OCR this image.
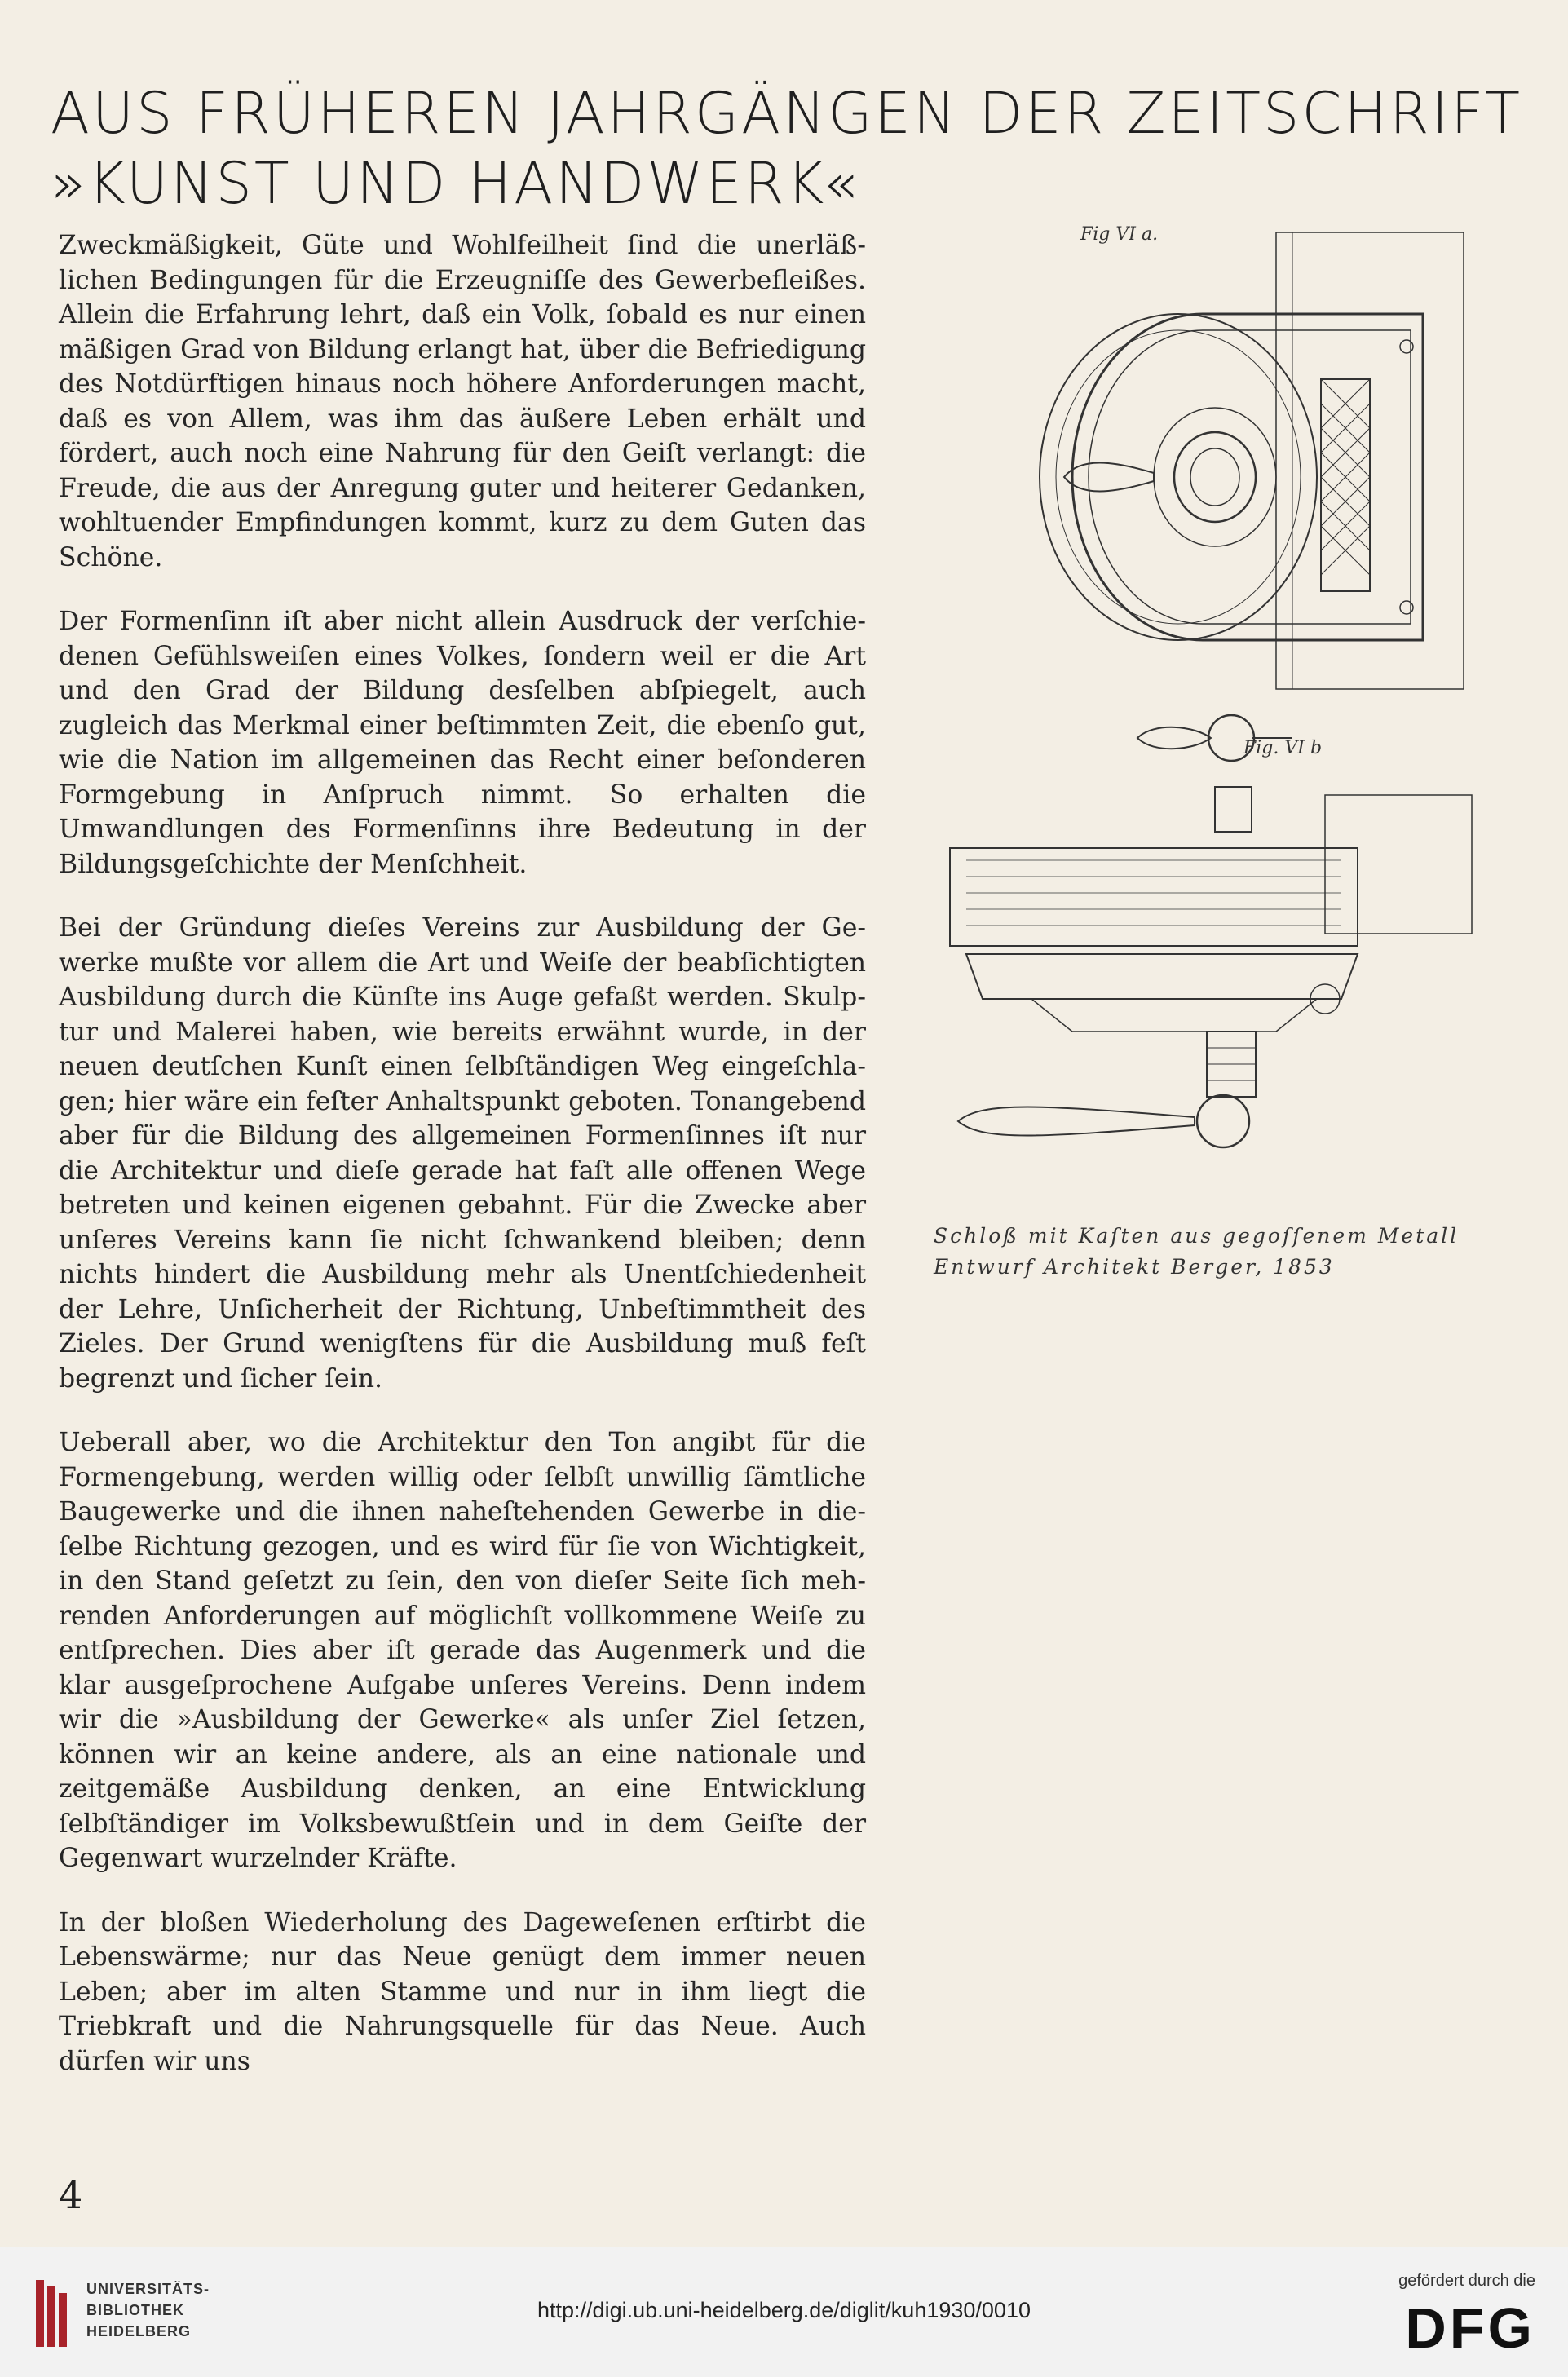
AUS FRÜHEREN JAHRGÄNGEN DER ZEITSCHRIFT
»KUNST UND HANDWERK«

Zweckmäßigkeit, Güte und Wohlfeilheit ſind die unerläßlichen Bedingungen für die Erzeugniſſe des Gewerbefleißes. Allein die Erfahrung lehrt, daß ein Volk, ſobald es nur einen mäßigen Grad von Bildung erlangt hat, über die Befriedigung des Notdürftigen hinaus noch höhere Anforderungen macht, daß es von Allem, was ihm das äußere Leben erhält und fördert, auch noch eine Nahrung für den Geiſt verlangt: die Freude, die aus der Anregung guter und heiterer Gedanken, wohltuender Empfindungen kommt, kurz zu dem Guten das Schöne.

Der Formenſinn iſt aber nicht allein Ausdruck der verſchiedenen Gefühlsweiſen eines Volkes, ſondern weil er die Art und den Grad der Bildung desſelben abſpiegelt, auch zugleich das Merkmal einer beſtimmten Zeit, die ebenſo gut, wie die Nation im allgemeinen das Recht einer beſonderen Formgebung in Anſpruch nimmt. So erhalten die Umwandlungen des Formenſinns ihre Bedeutung in der Bildungsgeſchichte der Menſchheit.

Bei der Gründung dieſes Vereins zur Ausbildung der Gewerke mußte vor allem die Art und Weiſe der beabſichtigten Ausbildung durch die Künſte ins Auge gefaßt werden. Skulptur und Malerei haben, wie bereits erwähnt wurde, in der neuen deutſchen Kunſt einen ſelbſtändigen Weg eingeſchlagen; hier wäre ein feſter Anhaltspunkt geboten. Tonangebend aber für die Bildung des allgemeinen Formenſinnes iſt nur die Architektur und dieſe gerade hat faſt alle offenen Wege betreten und keinen eigenen gebahnt. Für die Zwecke aber unſeres Vereins kann ſie nicht ſchwankend bleiben; denn nichts hindert die Ausbildung mehr als Unentſchiedenheit der Lehre, Unſicherheit der Richtung, Unbeſtimmtheit des Zieles. Der Grund wenigſtens für die Ausbildung muß feſt begrenzt und ſicher ſein.

Ueberall aber, wo die Architektur den Ton angibt für die Formengebung, werden willig oder ſelbſt unwillig ſämtliche Baugewerke und die ihnen naheſtehenden Gewerbe in dieſelbe Richtung gezogen, und es wird für ſie von Wichtigkeit, in den Stand geſetzt zu ſein, den von dieſer Seite ſich mehrenden Anforderungen auf möglichſt vollkommene Weiſe zu entſprechen. Dies aber iſt gerade das Augenmerk und die klar ausgeſprochene Aufgabe unſeres Vereins. Denn indem wir die »Ausbildung der Gewerke« als unſer Ziel ſetzen, können wir an keine andere, als an eine nationale und zeitgemäße Ausbildung denken, an eine Entwicklung ſelbſtändiger im Volksbewußtſein und in dem Geiſte der Gegenwart wurzelnder Kräfte.

In der bloßen Wiederholung des Dageweſenen erſtirbt die Lebenswärme; nur das Neue genügt dem immer neuen Leben; aber im alten Stamme und nur in ihm liegt die Triebkraft und die Nahrungsquelle für das Neue. Auch dürfen wir uns

Fig VI a.
Fig. VI b
Schloß mit Kaſten aus gegoſſenem Metall
Entwurf Architekt Berger, 1853
4
UNIVERSITÄTS-
BIBLIOTHEK
HEIDELBERG
http://digi.ub.uni-heidelberg.de/diglit/kuh1930/0010
gefördert durch die
DFG
